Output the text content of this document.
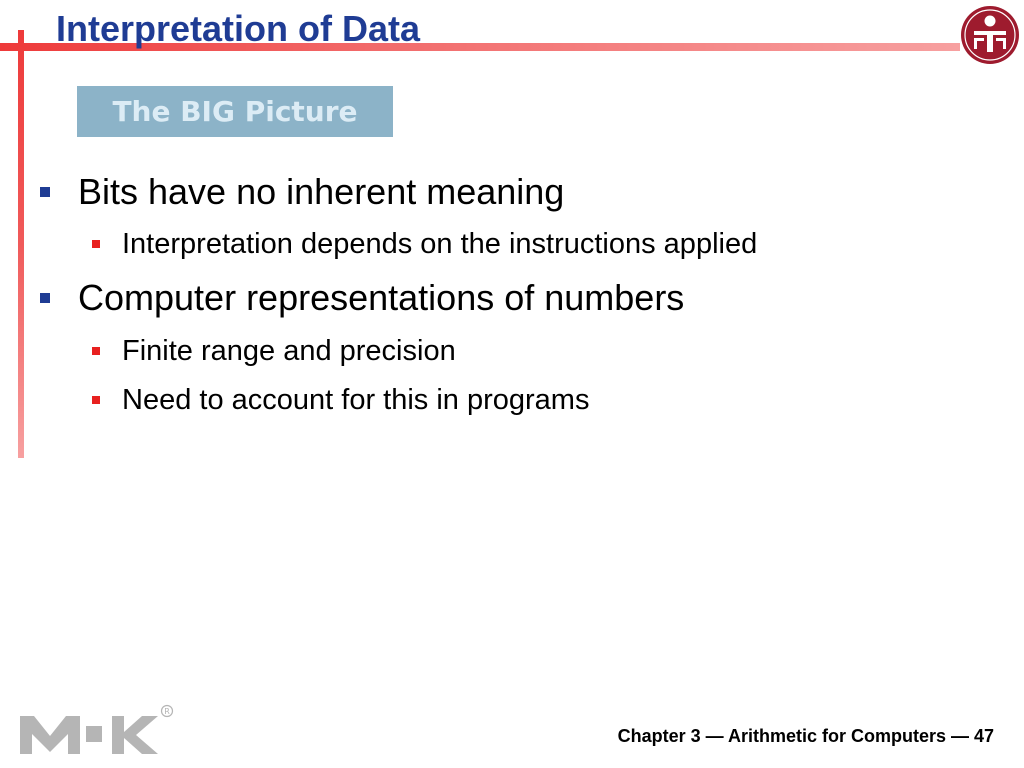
Interpretation of Data
The BIG Picture
Bits have no inherent meaning
Interpretation depends on the instructions applied
Computer representations of numbers
Finite range and precision
Need to account for this in programs
R
Chapter 3 — Arithmetic for Computers — 47
